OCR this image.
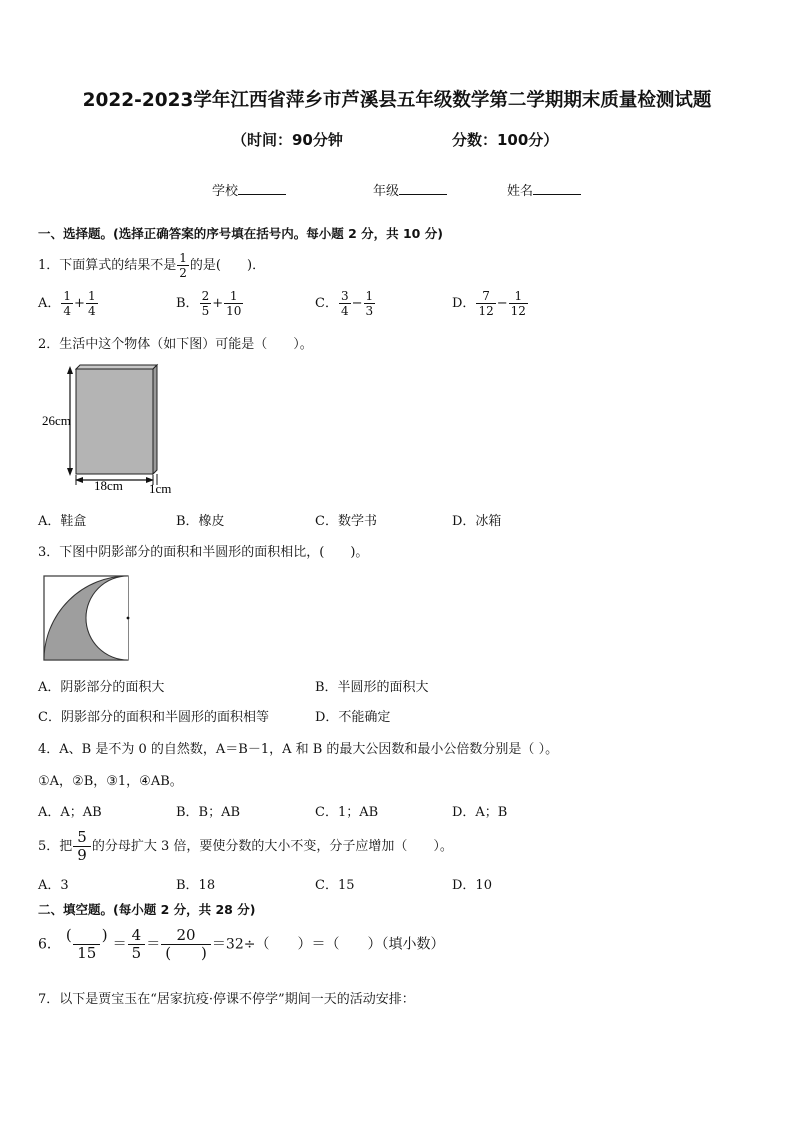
2022-2023学年江西省萍乡市芦溪县五年级数学第二学期期末质量检测试题
（时间：90分钟	分数：100分）
学校	年级	姓名
一、选择题。(选择正确答案的序号填在括号内。每小题 2 分，共 10 分)
1．下面算式的结果不是 $\frac{1}{2}$ 的是(　　)．
A． $\frac{1}{4} + \frac{1}{4}$	B． $\frac{2}{5} + \frac{1}{10}$	C． $\frac{3}{4} - \frac{1}{3}$	D． $\frac{7}{12} - \frac{1}{12}$
2．生活中这个物体（如下图）可能是（　　）。
26cm
18cm 1cm
A．鞋盒	B．橡皮	C．数学书	D．冰箱
3．下图中阴影部分的面积和半圆形的面积相比，(　　)。
A．阴影部分的面积大	B．半圆形的面积大
C．阴影部分的面积和半圆形的面积相等	D．不能确定
4．A、B 是不为 0 的自然数，A＝B－1，A 和 B 的最大公因数和最小公倍数分别是（ ）。
①A，②B，③1，④AB。
A．A；AB	B．B；AB	C．1；AB	D．A；B
5．把 $\frac{5}{9}$ 的分母扩大 3 倍，要使分数的大小不变，分子应增加（　　）。
A．3	B．18	C．15	D．10
二、填空题。(每小题 2 分，共 28 分)
6． $\frac{( )}{15} = \frac{4}{5} = \frac{20}{( )} =32\div$（　　）＝（　　）（填小数）
7．以下是贾宝玉在“居家抗疫·停课不停学”期间一天的活动安排：
